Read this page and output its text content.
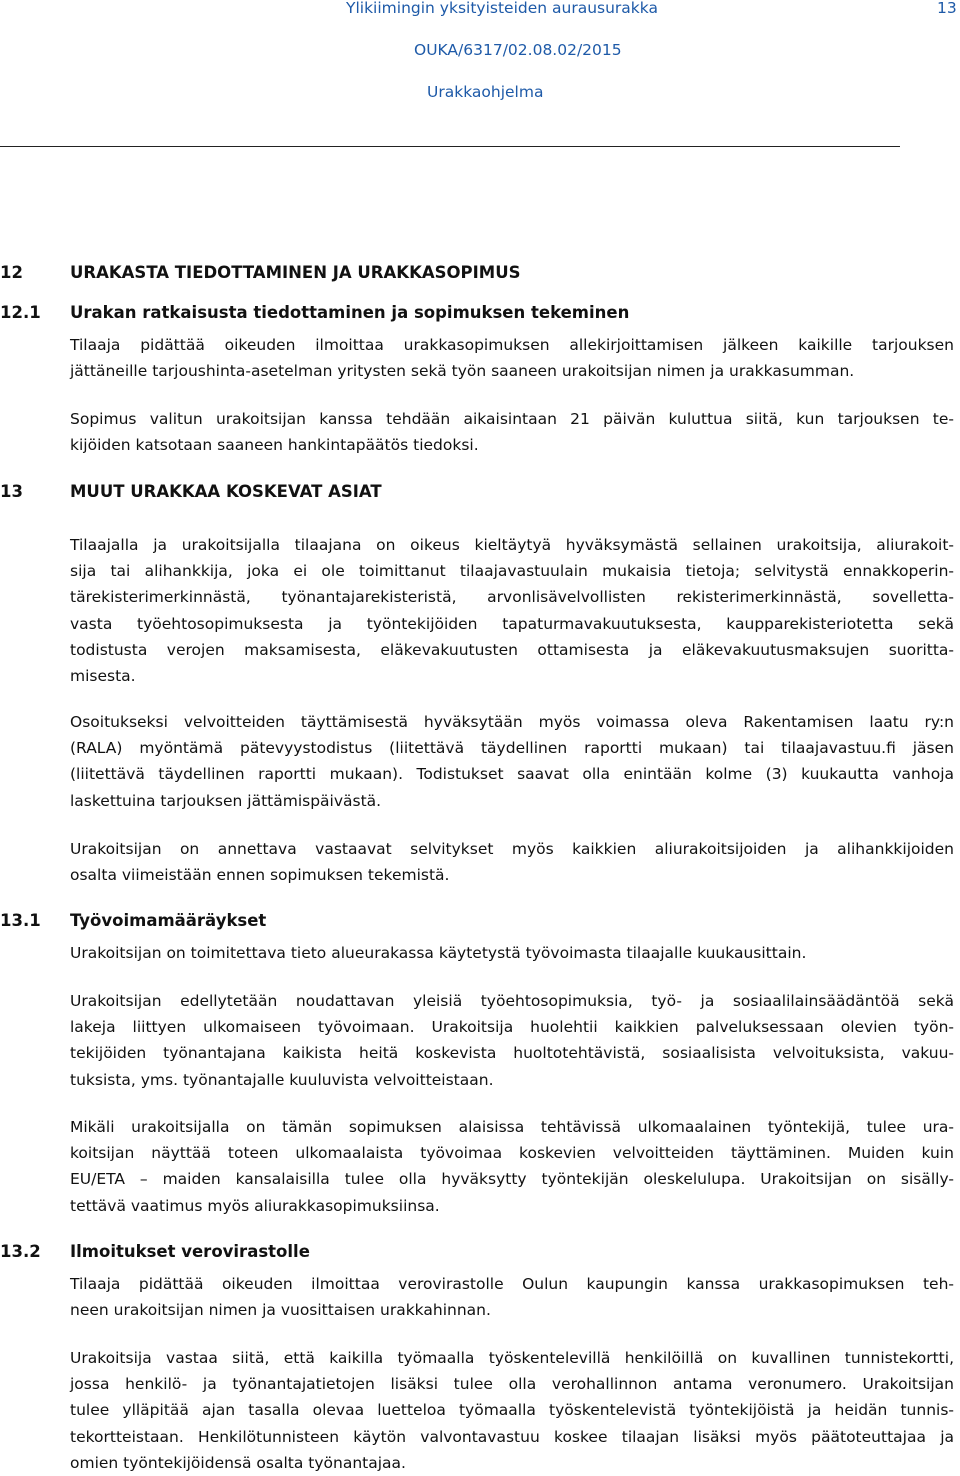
Ylikiimingin yksityisteiden aurausurakka	13
OUKA/6317/02.08.02/2015
Urakkaohjelma
12	URAKASTA TIEDOTTAMINEN JA URAKKASOPIMUS
12.1 Urakan ratkaisusta tiedottaminen ja sopimuksen tekeminen
Tilaaja pidättää oikeuden ilmoittaa urakkasopimuksen allekirjoittamisen jälkeen kaikille tarjouksen
jättäneille tarjoushinta-asetelman yritysten sekä työn saaneen urakoitsijan nimen ja urakkasumman.
Sopimus valitun urakoitsijan kanssa tehdään aikaisintaan 21 päivän kuluttua siitä, kun tarjouksen te-
kijöiden katsotaan saaneen hankintapäätös tiedoksi.
13	MUUT URAKKAA KOSKEVAT ASIAT
Tilaajalla ja urakoitsijalla tilaajana on oikeus kieltäytyä hyväksymästä sellainen urakoitsija, aliurakoit-
sija tai alihankkija, joka ei ole toimittanut tilaajavastuulain mukaisia tietoja; selvitystä ennakkoperin-
tärekisterimerkinnästä, työnantajarekisteristä, arvonlisävelvollisten rekisterimerkinnästä, sovelletta-
vasta työehtosopimuksesta ja työntekijöiden tapaturmavakuutuksesta, kaupparekisteriotetta sekä
todistusta verojen maksamisesta, eläkevakuutusten ottamisesta ja eläkevakuutusmaksujen suoritta-
misesta.
Osoitukseksi velvoitteiden täyttämisestä hyväksytään myös voimassa oleva Rakentamisen laatu ry:n
(RALA) myöntämä pätevyystodistus (liitettävä täydellinen raportti mukaan) tai tilaajavastuu.fi jäsen
(liitettävä täydellinen raportti mukaan). Todistukset saavat olla enintään kolme (3) kuukautta vanhoja
laskettuina tarjouksen jättämispäivästä.
Urakoitsijan on annettava vastaavat selvitykset myös kaikkien aliurakoitsijoiden ja alihankkijoiden
osalta viimeistään ennen sopimuksen tekemistä.
13.1 Työvoimamääräykset
Urakoitsijan on toimitettava tieto alueurakassa käytetystä työvoimasta tilaajalle kuukausittain.
Urakoitsijan edellytetään noudattavan yleisiä työehtosopimuksia, työ- ja sosiaalilainsäädäntöä sekä
lakeja liittyen ulkomaiseen työvoimaan. Urakoitsija huolehtii kaikkien palveluksessaan olevien työn-
tekijöiden työnantajana kaikista heitä koskevista huoltotehtävistä, sosiaalisista velvoituksista, vakuu-
tuksista, yms. työnantajalle kuuluvista velvoitteistaan.
Mikäli urakoitsijalla on tämän sopimuksen alaisissa tehtävissä ulkomaalainen työntekijä, tulee ura-
koitsijan näyttää toteen ulkomaalaista työvoimaa koskevien velvoitteiden täyttäminen. Muiden kuin
EU/ETA – maiden kansalaisilla tulee olla hyväksytty työntekijän oleskelulupa. Urakoitsijan on sisälly-
tettävä vaatimus myös aliurakkasopimuksiinsa.
13.2 Ilmoitukset verovirastolle
Tilaaja pidättää oikeuden ilmoittaa verovirastolle Oulun kaupungin kanssa urakkasopimuksen teh-
neen urakoitsijan nimen ja vuosittaisen urakkahinnan.
Urakoitsija vastaa siitä, että kaikilla työmaalla työskentelevillä henkilöillä on kuvallinen tunnistekortti,
jossa henkilö- ja työnantajatietojen lisäksi tulee olla verohallinnon antama veronumero. Urakoitsijan
tulee ylläpitää ajan tasalla olevaa luetteloa työmaalla työskentelevistä työntekijöistä ja heidän tunnis-
tekortteistaan. Henkilötunnisteen käytön valvontavastuu koskee tilaajan lisäksi myös päätoteuttajaa ja
omien työntekijöidensä osalta työnantajaa.
